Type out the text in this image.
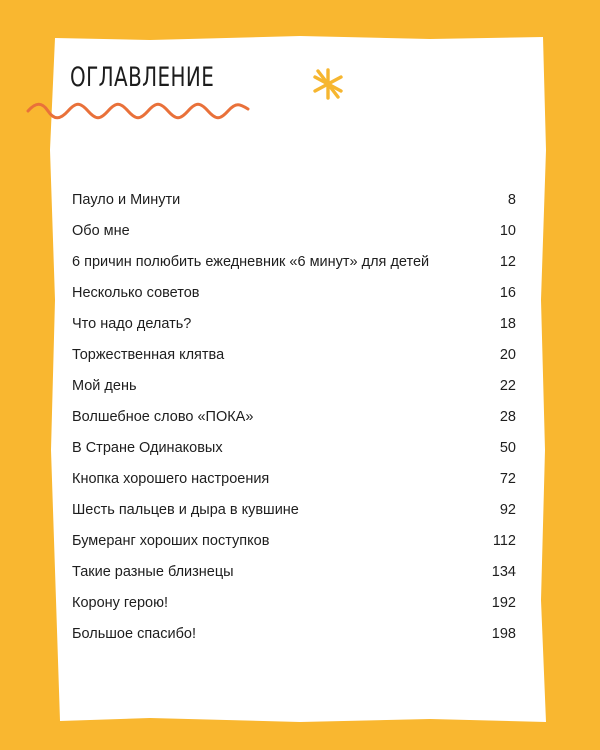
ОГЛАВЛЕНИЕ
Пауло и Минути	8
Обо мне	10
6 причин полюбить ежедневник «6 минут» для детей	12
Несколько советов	16
Что надо делать?	18
Торжественная клятва	20
Мой день	22
Волшебное слово «ПОКА»	28
В Стране Одинаковых	50
Кнопка хорошего настроения	72
Шесть пальцев и дыра в кувшине	92
Бумеранг хороших поступков	112
Такие разные близнецы	134
Корону герою!	192
Большое спасибо!	198
